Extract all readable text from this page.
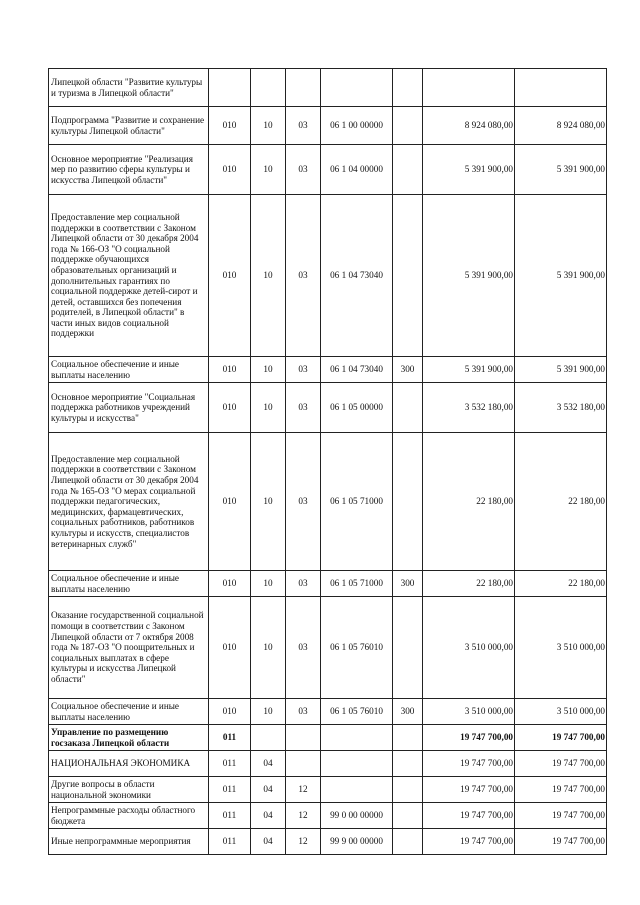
Липецкой области "Развитие культуры и туризма в Липецкой области"							
Подпрограмма "Развитие и сохранение культуры Липецкой области"	010	10	03	06 1 00 00000		8 924 080,00	8 924 080,00
Основное мероприятие "Реализация мер по развитию сферы культуры и искусства Липецкой области"	010	10	03	06 1 04 00000		5 391 900,00	5 391 900,00
Предоставление мер социальной поддержки в соответствии с Законом Липецкой области от 30 декабря 2004 года № 166-ОЗ "О социальной поддержке обучающихся образовательных организаций и дополнительных гарантиях по социальной поддержке детей-сирот и детей, оставшихся без попечения родителей, в Липецкой области" в части иных видов социальной поддержки	010	10	03	06 1 04 73040		5 391 900,00	5 391 900,00
Социальное обеспечение и иные выплаты населению	010	10	03	06 1 04 73040	300	5 391 900,00	5 391 900,00
Основное мероприятие "Социальная поддержка работников учреждений культуры и искусства"	010	10	03	06 1 05 00000		3 532 180,00	3 532 180,00
Предоставление мер социальной поддержки в соответствии с Законом Липецкой области от 30 декабря 2004 года № 165-ОЗ "О мерах социальной поддержки педагогических, медицинских, фармацевтических, социальных работников, работников культуры и искусств, специалистов ветеринарных служб"	010	10	03	06 1 05 71000		22 180,00	22 180,00
Социальное обеспечение и иные выплаты населению	010	10	03	06 1 05 71000	300	22 180,00	22 180,00
Оказание государственной социальной помощи в соответствии с Законом Липецкой области от 7 октября 2008 года № 187-ОЗ "О поощрительных и социальных выплатах в сфере культуры и искусства Липецкой области"	010	10	03	06 1 05 76010		3 510 000,00	3 510 000,00
Социальное обеспечение и иные выплаты населению	010	10	03	06 1 05 76010	300	3 510 000,00	3 510 000,00
Управление по размещению госзаказа Липецкой области	011					19 747 700,00	19 747 700,00
НАЦИОНАЛЬНАЯ ЭКОНОМИКА	011	04				19 747 700,00	19 747 700,00
Другие вопросы в области национальной экономики	011	04	12			19 747 700,00	19 747 700,00
Непрограммные расходы областного бюджета	011	04	12	99 0 00 00000		19 747 700,00	19 747 700,00
Иные непрограммные мероприятия	011	04	12	99 9 00 00000		19 747 700,00	19 747 700,00
